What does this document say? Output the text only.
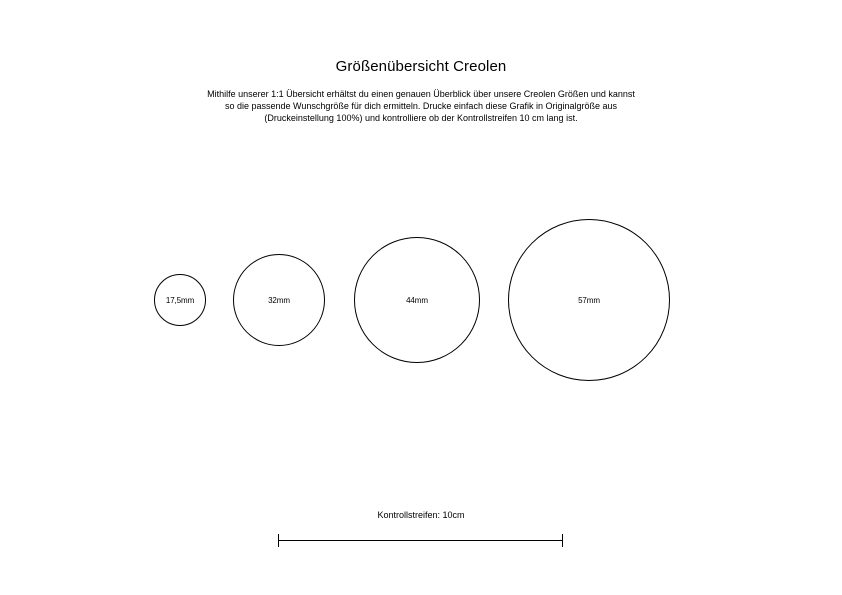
Größenübersicht Creolen
Mithilfe unserer 1:1 Übersicht erhältst du einen genauen Überblick über unsere Creolen Größen und kannst
so die passende Wunschgröße für dich ermitteln. Drucke einfach diese Grafik in Originalgröße aus
(Druckeinstellung 100%) und kontrolliere ob der Kontrollstreifen 10 cm lang ist.
17,5mm	32mm	44mm	57mm
Kontrollstreifen: 10cm
